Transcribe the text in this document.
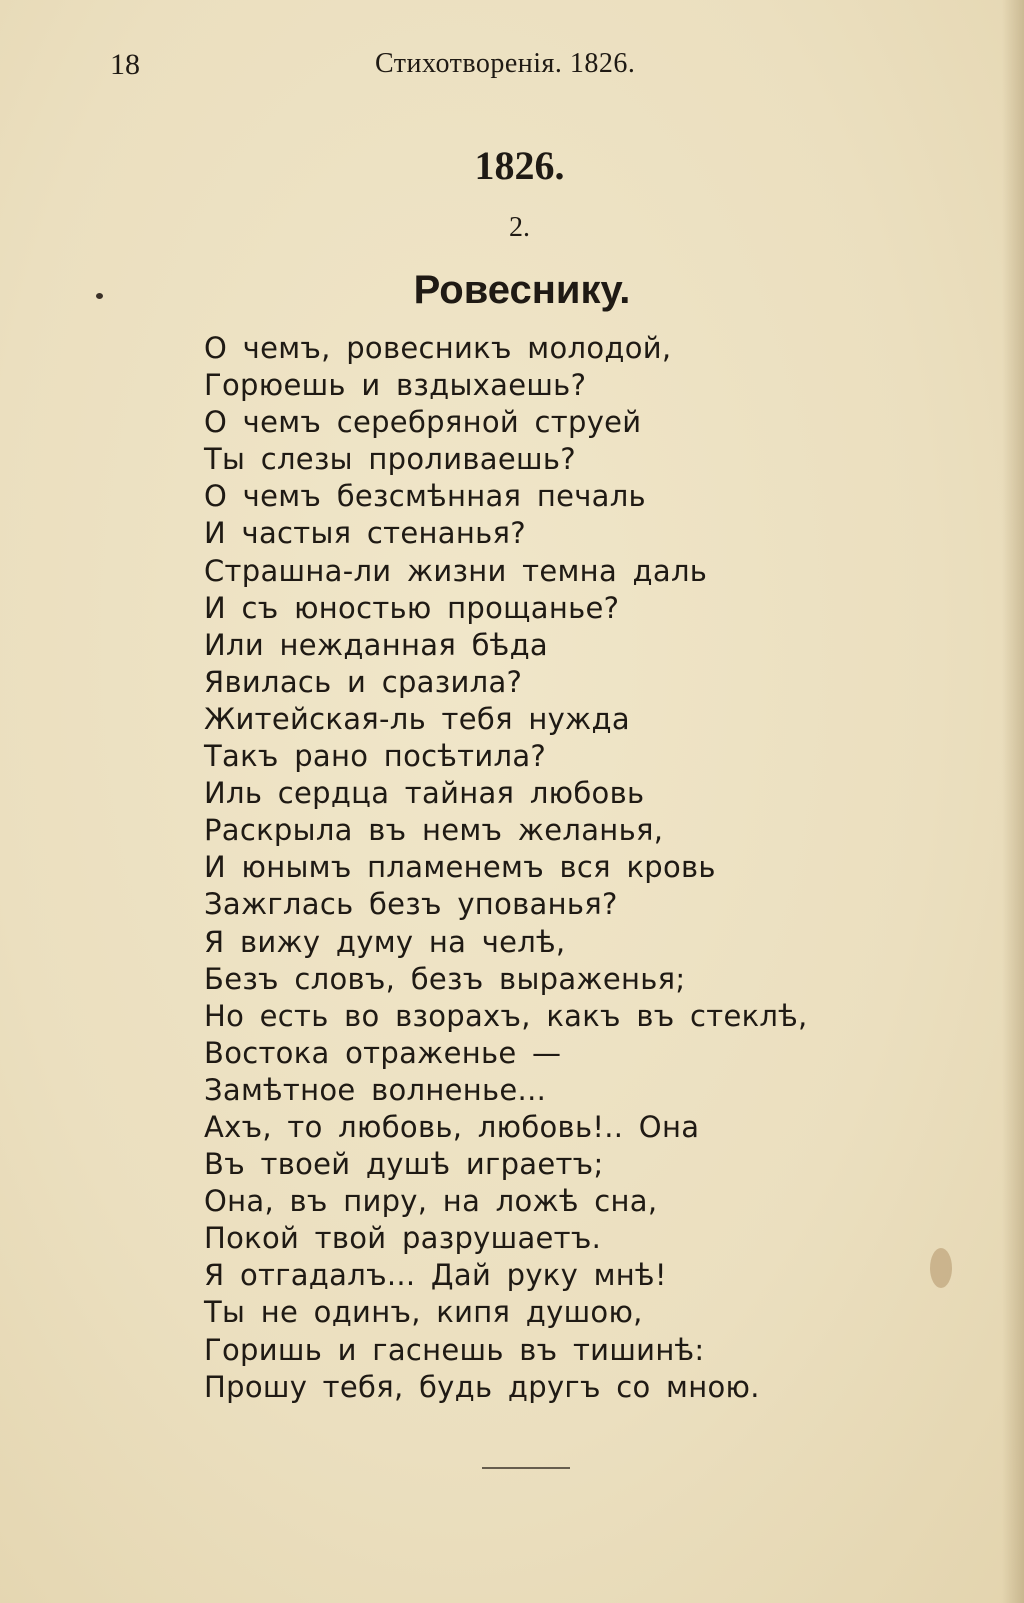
18	Стихотворенія. 1826.
1826.
2.
Ровеснику.
О чемъ, ровесникъ молодой,
Горюешь и вздыхаешь?
О чемъ серебряной струей
Ты слезы проливаешь?
О чемъ безсмѣнная печаль
И частыя стенанья?
Страшна-ли жизни темна даль
И съ юностью прощанье?
Или нежданная бѣда
Явилась и сразила?
Житейская-ль тебя нужда
Такъ рано посѣтила?
Иль сердца тайная любовь
Раскрыла въ немъ желанья,
И юнымъ пламенемъ вся кровь
Зажглась безъ упованья?
Я вижу думу на челѣ,
Безъ словъ, безъ выраженья;
Но есть во взорахъ, какъ въ стеклѣ,
Востока отраженье —
Замѣтное волненье...
Ахъ, то любовь, любовь!.. Она
Въ твоей душѣ играетъ;
Она, въ пиру, на ложѣ сна,
Покой твой разрушаетъ.
Я отгадалъ... Дай руку мнѣ!
Ты не одинъ, кипя душою,
Горишь и гаснешь въ тишинѣ:
Прошу тебя, будь другъ со мною.
